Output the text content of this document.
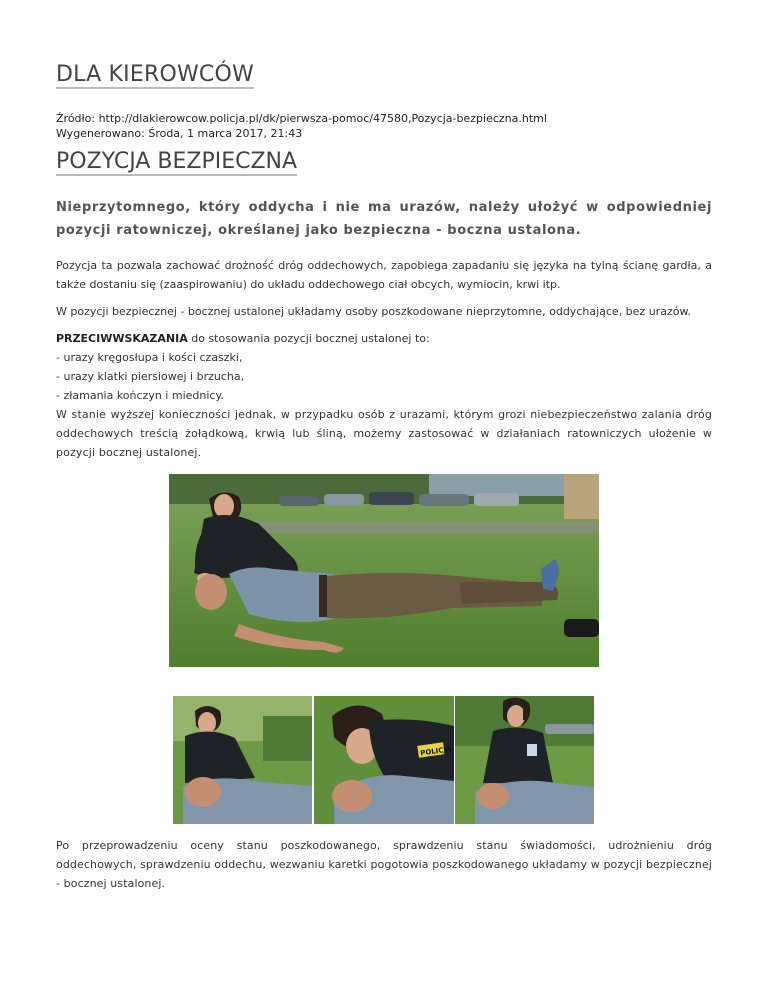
DLA KIEROWCÓW
Źródło: http://dlakierowcow.policja.pl/dk/pierwsza-pomoc/47580,Pozycja-bezpieczna.html
Wygenerowano: Środa, 1 marca 2017, 21:43
POZYCJA BEZPIECZNA

Nieprzytomnego, który oddycha i nie ma urazów, należy ułożyć w odpowiedniej pozycji ratowniczej, określanej jako bezpieczna - boczna ustalona.

Pozycja ta pozwala zachować drożność dróg oddechowych, zapobiega zapadaniu się języka na tylną ścianę gardła, a także dostaniu się (zaaspirowaniu) do układu oddechowego ciał obcych, wymiocin, krwi itp.

W pozycji bezpiecznej - bocznej ustalonej układamy osoby poszkodowane nieprzytomne, oddychające, bez urazów.

PRZECIWWSKAZANIA do stosowania pozycji bocznej ustalonej to:
- urazy kręgosłupa i kości czaszki,
- urazy klatki piersiowej i brzucha,
- złamania kończyn i miednicy.

W stanie wyższej konieczności jednak, w przypadku osób z urazami, którym grozi niebezpieczeństwo zalania dróg oddechowych treścią żołądkową, krwią lub śliną, możemy zastosować w działaniach ratowniczych ułożenie w pozycji bocznej ustalonej.

POLICJA

Po przeprowadzeniu oceny stanu poszkodowanego, sprawdzeniu stanu świadomości, udrożnieniu dróg oddechowych, sprawdzeniu oddechu, wezwaniu karetki pogotowia poszkodowanego układamy w pozycji bezpiecznej - bocznej ustalonej.
